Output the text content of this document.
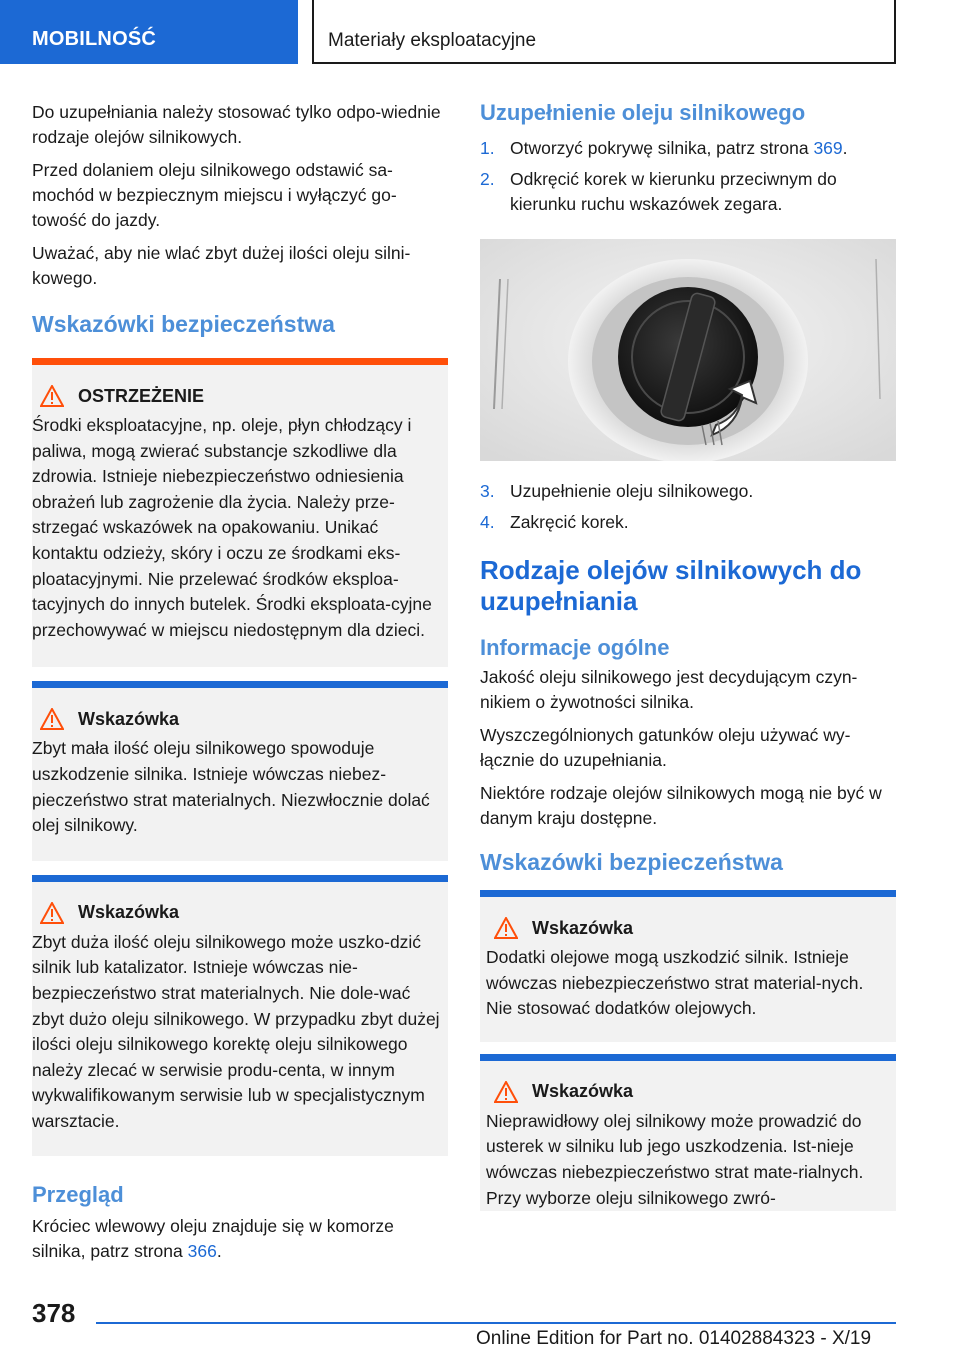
MOBILNOŚĆ	Materiały eksploatacyjne

Do uzupełniania należy stosować tylko odpo-wiednie rodzaje olejów silnikowych.

Przed dolaniem oleju silnikowego odstawić sa-mochód w bezpiecznym miejscu i wyłączyć go-towość do jazdy.

Uważać, aby nie wlać zbyt dużej ilości oleju silni-kowego.

Wskazówki bezpieczeństwa
OSTRZEŻENIE

Środki eksploatacyjne, np. oleje, płyn chłodzący i paliwa, mogą zwierać substancje szkodliwe dla zdrowia. Istnieje niebezpieczeństwo odniesienia obrażeń lub zagrożenie dla życia. Należy prze-strzegać wskazówek na opakowaniu. Unikać kontaktu odzieży, skóry i oczu ze środkami eks-ploatacyjnymi. Nie przelewać środków eksploa-tacyjnych do innych butelek. Środki eksploata-cyjne przechowywać w miejscu niedostępnym dla dzieci.

Wskazówka

Zbyt mała ilość oleju silnikowego spowoduje uszkodzenie silnika. Istnieje wówczas niebez-pieczeństwo strat materialnych. Niezwłocznie dolać olej silnikowy.

Wskazówka

Zbyt duża ilość oleju silnikowego może uszko-dzić silnik lub katalizator. Istnieje wówczas nie-bezpieczeństwo strat materialnych. Nie dole-wać zbyt dużo oleju silnikowego. W przypadku zbyt dużej ilości oleju silnikowego korektę oleju silnikowego należy zlecać w serwisie produ-centa, w innym wykwalifikowanym serwisie lub w specjalistycznym warsztacie.

Przegląd

Króciec wlewowy oleju znajduje się w komorze silnika, patrz strona 366.

Uzupełnienie oleju silnikowego
1. Otworzyć pokrywę silnika, patrz strona 369.
2. Odkręcić korek w kierunku przeciwnym do kierunku ruchu wskazówek zegara.
3. Uzupełnienie oleju silnikowego.
4. Zakręcić korek.
Rodzaje olejów silnikowych do uzupełniania
Informacje ogólne

Jakość oleju silnikowego jest decydującym czyn-nikiem o żywotności silnika.

Wyszczególnionych gatunków oleju używać wy-łącznie do uzupełniania.

Niektóre rodzaje olejów silnikowych mogą nie być w danym kraju dostępne.

Wskazówki bezpieczeństwa
Wskazówka

Dodatki olejowe mogą uszkodzić silnik. Istnieje wówczas niebezpieczeństwo strat material-nych. Nie stosować dodatków olejowych.

Wskazówka

Nieprawidłowy olej silnikowy może prowadzić do usterek w silniku lub jego uszkodzenia. Ist-nieje wówczas niebezpieczeństwo strat mate-rialnych. Przy wyborze oleju silnikowego zwró-

378
Online Edition for Part no. 01402884323 - X/19
